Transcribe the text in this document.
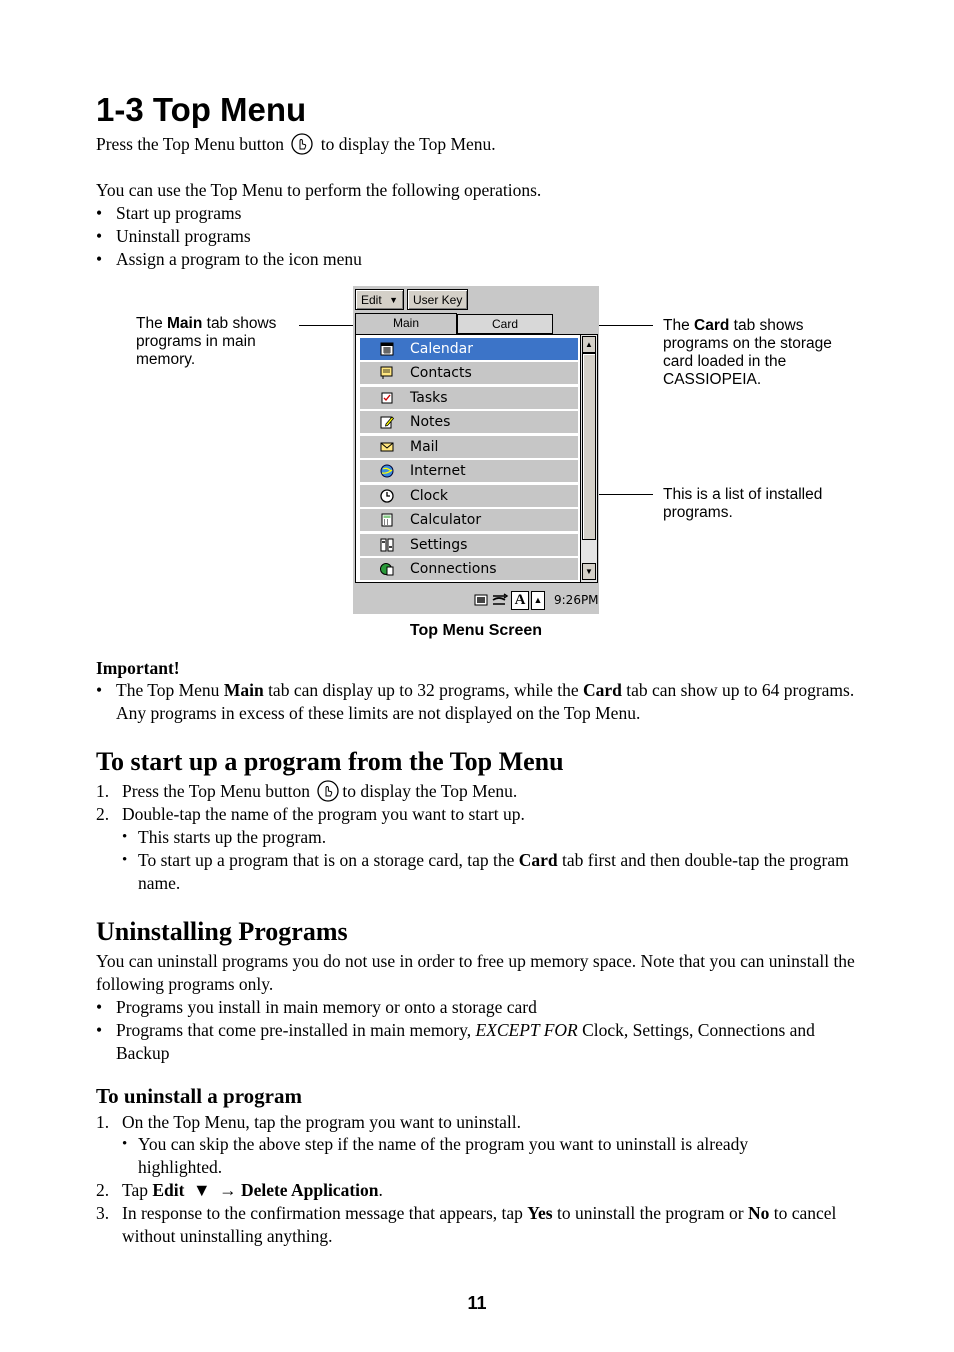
1-3 Top Menu
Press the Top Menu button to display the Top Menu.
You can use the Top Menu to perform the following operations.
• Start up programs
• Uninstall programs
• Assign a program to the icon menu
The Main tab shows
programs in main
memory.
The Card tab shows
programs on the storage
card loaded in the
CASSIOPEIA.
This is a list of installed
programs.
Edit ▼	User Key
Main	Card
Calendar
Contacts
Tasks
Notes
Mail
Internet
Clock
Calculator
Settings
Connections
▲
▼
A ▲ 9:26PM
Top Menu Screen
Important!
• The Top Menu Main tab can display up to 32 programs, while the Card tab can show up to 64 programs. Any programs in excess of these limits are not displayed on the Top Menu.
To start up a program from the Top Menu
1. Press the Top Menu button to display the Top Menu.
2. Double-tap the name of the program you want to start up.
• This starts up the program.
• To start up a program that is on a storage card, tap the Card tab first and then double-tap the program name.
Uninstalling Programs
You can uninstall programs you do not use in order to free up memory space. Note that you can uninstall the following programs only.
• Programs you install in main memory or onto a storage card
• Programs that come pre-installed in main memory, EXCEPT FOR Clock, Settings, Connections and Backup
To uninstall a program
1. On the Top Menu, tap the program you want to uninstall.
• You can skip the above step if the name of the program you want to uninstall is already highlighted.
2. Tap Edit ▼ → Delete Application.
3. In response to the confirmation message that appears, tap Yes to uninstall the program or No to cancel without uninstalling anything.
11
